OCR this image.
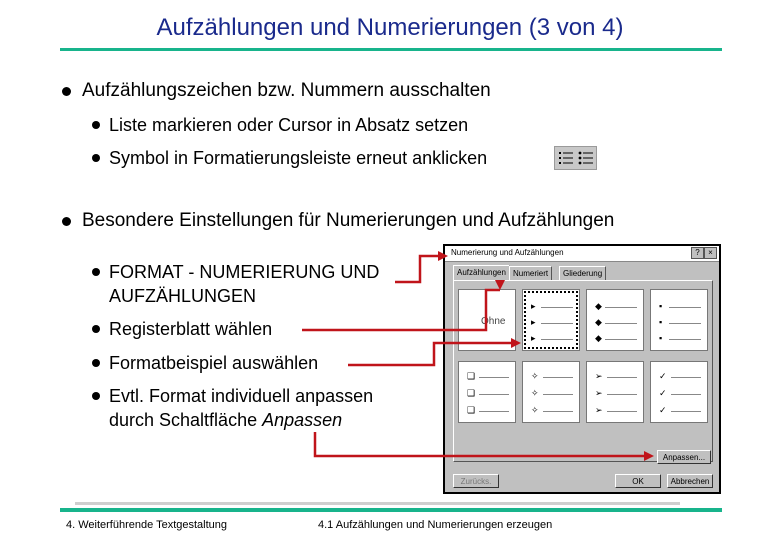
Aufzählungen und Numerierungen (3 von 4)
Aufzählungszeichen bzw. Nummern ausschalten
Liste markieren oder Cursor in Absatz setzen
Symbol in Formatierungsleiste erneut anklicken
Besondere Einstellungen für Numerierungen und Aufzählungen
FORMAT - NUMERIERUNG UND
AUFZÄHLUNGEN
Registerblatt wählen
Formatbeispiel auswählen
Evtl. Format individuell anpassen
durch Schaltfläche Anpassen
Numerierung und Aufzählungen	?	×
Aufzählungen Numeriert	Gliederung
Ohne
▸
▸
▸
◆
◆
◆
▪
▪
▪
❑
❑
❑
✧
✧
✧
➢
➢
➢
✓
✓
✓
Anpassen...
Zurücks.	OK	Abbrechen
4. Weiterführende Textgestaltung	4.1 Aufzählungen und Numerierungen erzeugen
